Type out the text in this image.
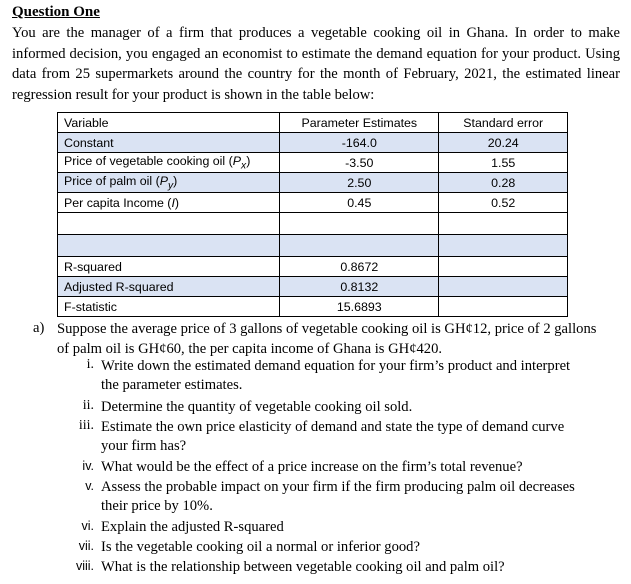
Question One
You are the manager of a firm that produces a vegetable cooking oil in Ghana. In order to make informed decision, you engaged an economist to estimate the demand equation for your product. Using data from 25 supermarkets around the country for the month of February, 2021, the estimated linear regression result for your product is shown in the table below:
Variable	Parameter Estimates	Standard error
Constant	-164.0	20.24
Price of vegetable cooking oil $(P_x)$	-3.50	1.55
Price of palm oil $(P_y)$	2.50	0.28
Per capita Income (I)	0.45	0.52

R-squared	0.8672	
Adjusted R-squared	0.8132	
F-statistic	15.6893	
a) Suppose the average price of 3 gallons of vegetable cooking oil is GH¢12, price of 2 gallons of palm oil is GH¢60, the per capita income of Ghana is GH¢420.
i. Write down the estimated demand equation for your firm’s product and interpret the parameter estimates.
ii. Determine the quantity of vegetable cooking oil sold.
iii. Estimate the own price elasticity of demand and state the type of demand curve your firm has?
iv. What would be the effect of a price increase on the firm’s total revenue?
v. Assess the probable impact on your firm if the firm producing palm oil decreases their price by 10%.
vi. Explain the adjusted R-squared
vii. Is the vegetable cooking oil a normal or inferior good?
viii. What is the relationship between vegetable cooking oil and palm oil?
